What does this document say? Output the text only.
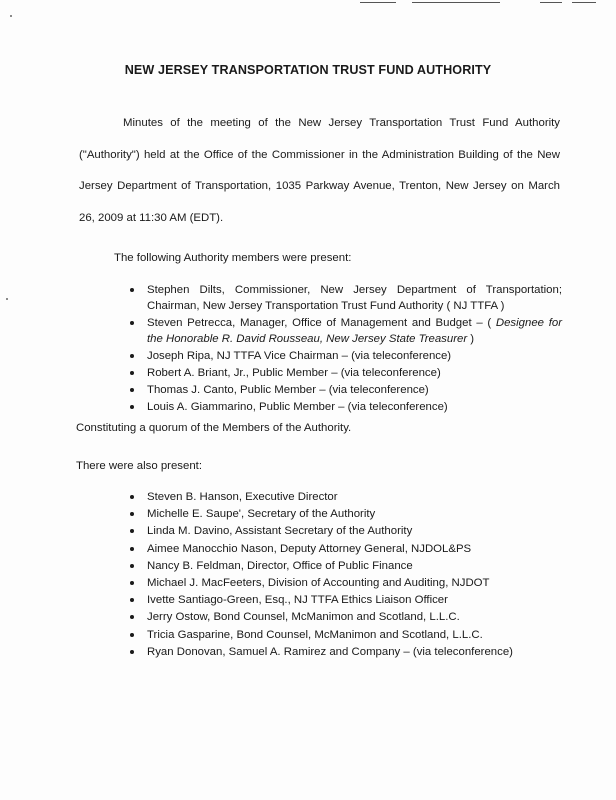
NEW JERSEY TRANSPORTATION TRUST FUND AUTHORITY

Minutes of the meeting of the New Jersey Transportation Trust Fund Authority ("Authority") held at the Office of the Commissioner in the Administration Building of the New Jersey Department of Transportation, 1035 Parkway Avenue, Trenton, New Jersey on March 26, 2009 at 11:30 AM (EDT).

The following Authority members were present:
Stephen Dilts, Commissioner, New Jersey Department of Transportation; Chairman, New Jersey Transportation Trust Fund Authority ( NJ TTFA )
Steven Petrecca, Manager, Office of Management and Budget – ( Designee for the Honorable R. David Rousseau, New Jersey State Treasurer )
Joseph Ripa, NJ TTFA Vice Chairman – (via teleconference)
Robert A. Briant, Jr., Public Member – (via teleconference)
Thomas J. Canto, Public Member – (via teleconference)
Louis A. Giammarino, Public Member – (via teleconference)
Constituting a quorum of the Members of the Authority.
There were also present:
Steven B. Hanson, Executive Director
Michelle E. Saupe', Secretary of the Authority
Linda M. Davino, Assistant Secretary of the Authority
Aimee Manocchio Nason, Deputy Attorney General, NJDOL&PS
Nancy B. Feldman, Director, Office of Public Finance
Michael J. MacFeeters, Division of Accounting and Auditing, NJDOT
Ivette Santiago-Green, Esq., NJ TTFA Ethics Liaison Officer
Jerry Ostow, Bond Counsel, McManimon and Scotland, L.L.C.
Tricia Gasparine, Bond Counsel, McManimon and Scotland, L.L.C.
Ryan Donovan, Samuel A. Ramirez and Company – (via teleconference)
